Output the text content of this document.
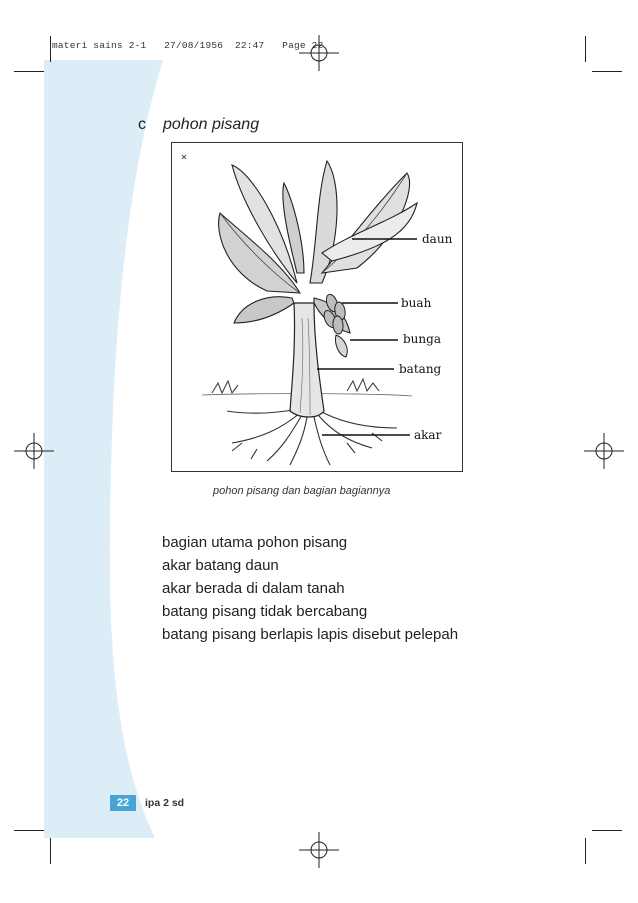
materi sains 2-1 27/08/1956 22:47 Page 22
c pohon pisang
daun
buah
bunga
batang
akar
pohon pisang dan bagian bagiannya
bagian utama pohon pisang
akar batang daun
akar berada di dalam tanah
batang pisang tidak bercabang
batang pisang berlapis lapis disebut pelepah
22 ipa 2 sd
